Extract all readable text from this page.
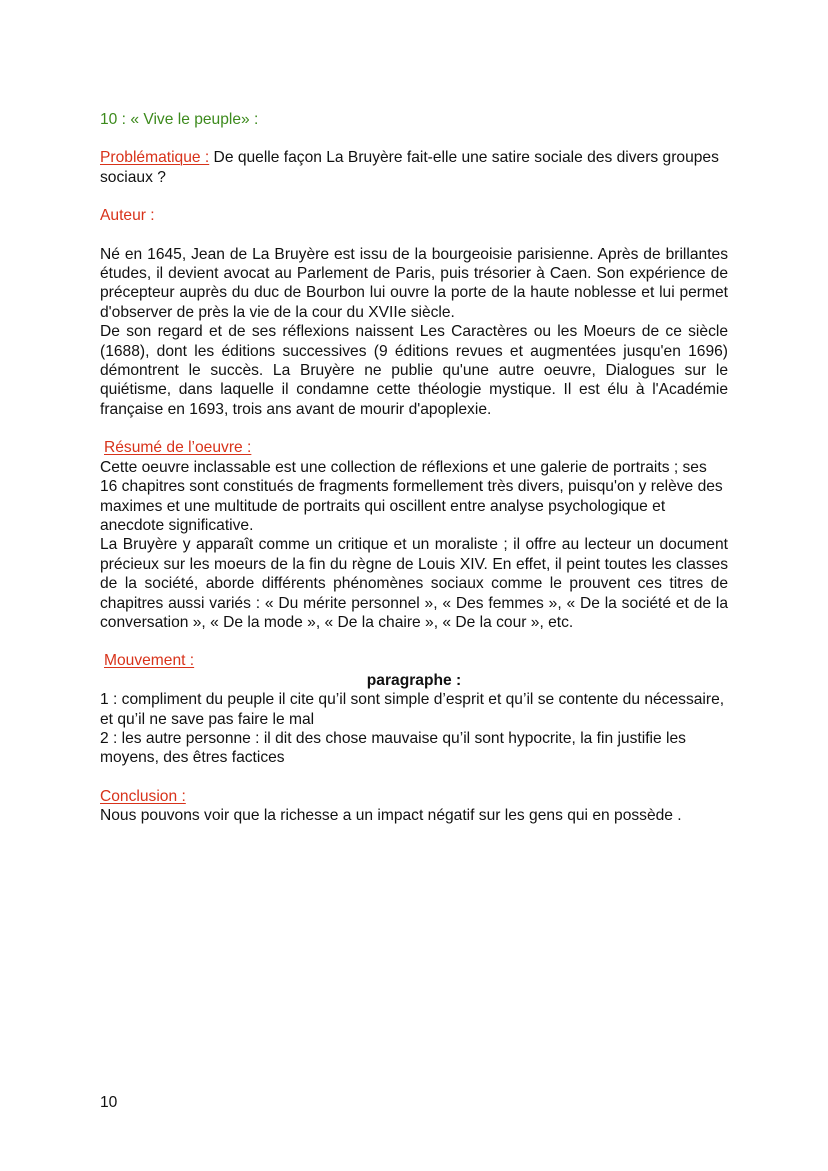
10 : « Vive le peuple» :

Problématique : De quelle façon La Bruyère fait-elle une satire sociale des divers groupes sociaux ?

Auteur :

Né en 1645, Jean de La Bruyère est issu de la bourgeoisie parisienne. Après de brillantes études, il devient avocat au Parlement de Paris, puis trésorier à Caen. Son expérience de précepteur auprès du duc de Bourbon lui ouvre la porte de la haute noblesse et lui permet d'observer de près la vie de la cour du XVIIe siècle.

De son regard et de ses réflexions naissent Les Caractères ou les Moeurs de ce siècle (1688), dont les éditions successives (9 éditions revues et augmentées jusqu'en 1696) démontrent le succès. La Bruyère ne publie qu'une autre oeuvre, Dialogues sur le quiétisme, dans laquelle il condamne cette théologie mystique. Il est élu à l'Académie française en 1693, trois ans avant de mourir d'apoplexie.

Résumé de l’oeuvre :

Cette oeuvre inclassable est une collection de réflexions et une galerie de portraits ; ses 16 chapitres sont constitués de fragments formellement très divers, puisqu'on y relève des maximes et une multitude de portraits qui oscillent entre analyse psychologique et anecdote significative.

La Bruyère y apparaît comme un critique et un moraliste ; il offre au lecteur un document précieux sur les moeurs de la fin du règne de Louis XIV. En effet, il peint toutes les classes de la société, aborde différents phénomènes sociaux comme le prouvent ces titres de chapitres aussi variés : « Du mérite personnel », « Des femmes », « De la société et de la conversation », « De la mode », « De la chaire », « De la cour », etc.

Mouvement :

paragraphe :

1 : compliment du peuple il cite qu’il sont simple d’esprit et qu’il se contente du nécessaire, et qu’il ne save pas faire le mal

2 : les autre personne : il dit des chose mauvaise qu’il sont hypocrite, la fin justifie les moyens, des êtres factices

Conclusion :

Nous pouvons voir que la richesse a un impact négatif sur les gens qui en possède .

10
